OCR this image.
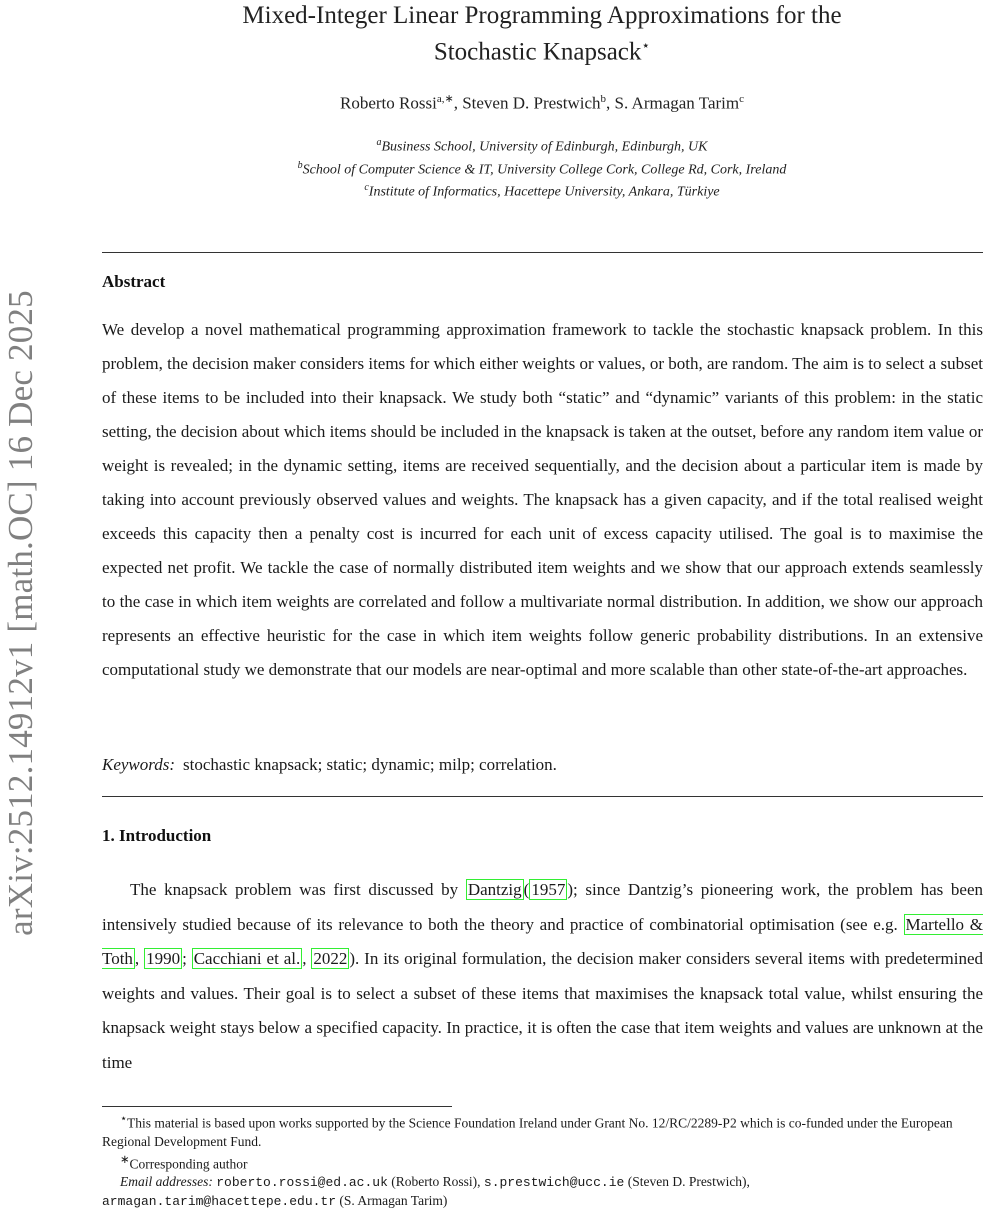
arXiv:2512.14912v1 [math.OC] 16 Dec 2025
Mixed-Integer Linear Programming Approximations for the
Stochastic Knapsack⋆
Roberto Rossi$^{a,∗}$, Steven D. Prestwich$^b$, S. Armagan Tarim$^c$
$^a$Business School, University of Edinburgh, Edinburgh, UK
$^b$School of Computer Science & IT, University College Cork, College Rd, Cork, Ireland
$^c$Institute of Informatics, Hacettepe University, Ankara, Türkiye
Abstract
We develop a novel mathematical programming approximation framework to tackle the stochastic knapsack problem. In this problem, the decision maker considers items for which either weights or values, or both, are random. The aim is to select a subset of these items to be included into their knapsack. We study both “static” and “dynamic” variants of this problem: in the static setting, the decision about which items should be included in the knapsack is taken at the outset, before any random item value or weight is revealed; in the dynamic setting, items are received sequentially, and the decision about a particular item is made by taking into account previously observed values and weights. The knapsack has a given capacity, and if the total realised weight exceeds this capacity then a penalty cost is incurred for each unit of excess capacity utilised. The goal is to maximise the expected net profit. We tackle the case of normally distributed item weights and we show that our approach extends seamlessly to the case in which item weights are correlated and follow a multivariate normal distribution. In addition, we show our approach represents an effective heuristic for the case in which item weights follow generic probability distributions. In an extensive computational study we demonstrate that our models are near-optimal and more scalable than other state-of-the-art approaches.
Keywords: stochastic knapsack; static; dynamic; milp; correlation.
1. Introduction
The knapsack problem was first discussed by Dantzig ( 1957 ); since Dantzig’s pioneering work, the problem has been intensively studied because of its relevance to both the theory and practice of combinatorial optimisation (see e.g. Martello & Toth , 1990 ; Cacchiani et al. , 2022 ). In its original formulation, the decision maker considers several items with predetermined weights and values. Their goal is to select a subset of these items that maximises the knapsack total value, whilst ensuring the knapsack weight stays below a specified capacity. In practice, it is often the case that item weights and values are unknown at the time
⋆This material is based upon works supported by the Science Foundation Ireland under Grant No. 12/RC/2289-P2 which is co-funded under the European Regional Development Fund.
∗Corresponding author
Email addresses: roberto.rossi@ed.ac.uk (Roberto Rossi), s.prestwich@ucc.ie (Steven D. Prestwich),
armagan.tarim@hacettepe.edu.tr (S. Armagan Tarim)
